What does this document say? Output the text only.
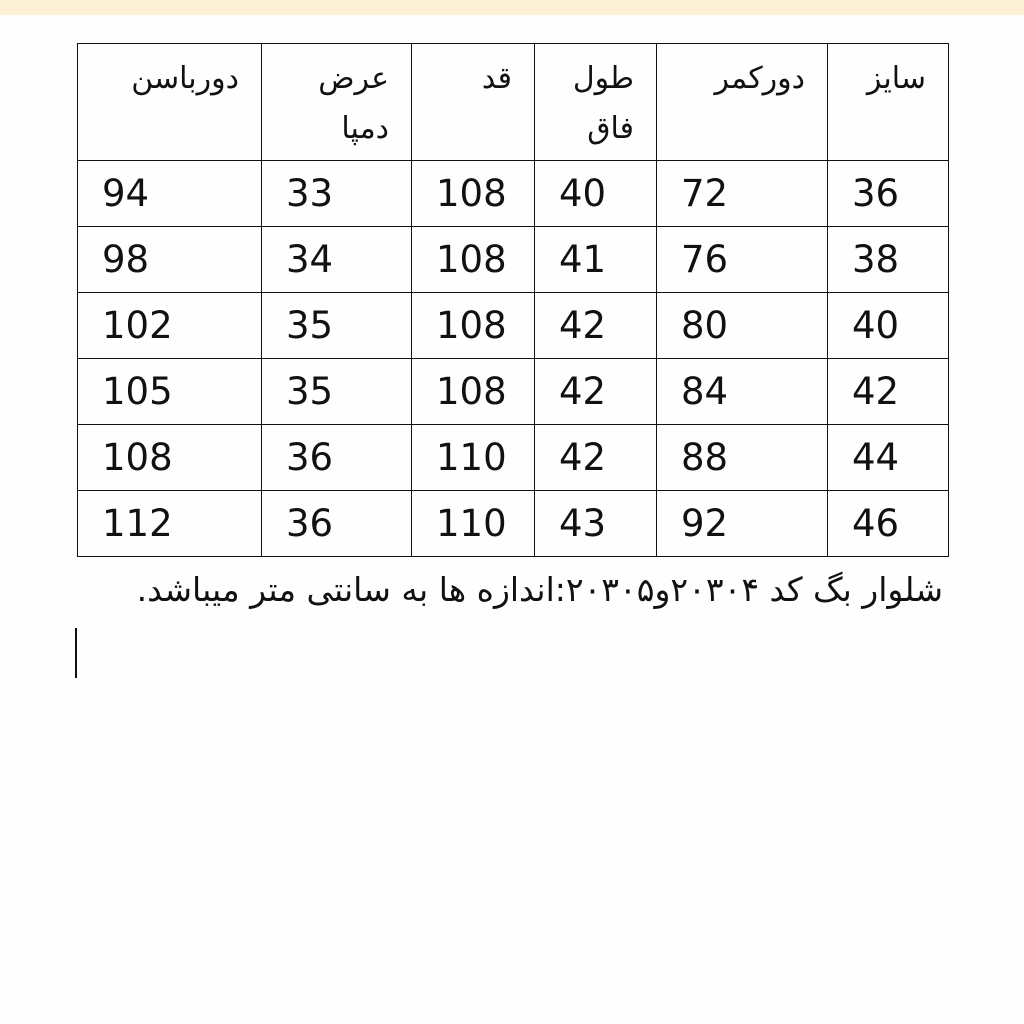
سایز	دورکمر	طول فاق	قد	عرض دمپا	دورباسن
36	72	40	108	33	94
38	76	41	108	34	98
40	80	42	108	35	102
42	84	42	108	35	105
44	88	42	110	36	108
46	92	43	110	36	112
شلوار بگ کد ۲۰۳۰۴و۲۰۳۰۵:اندازه ها به سانتی متر میباشد.
